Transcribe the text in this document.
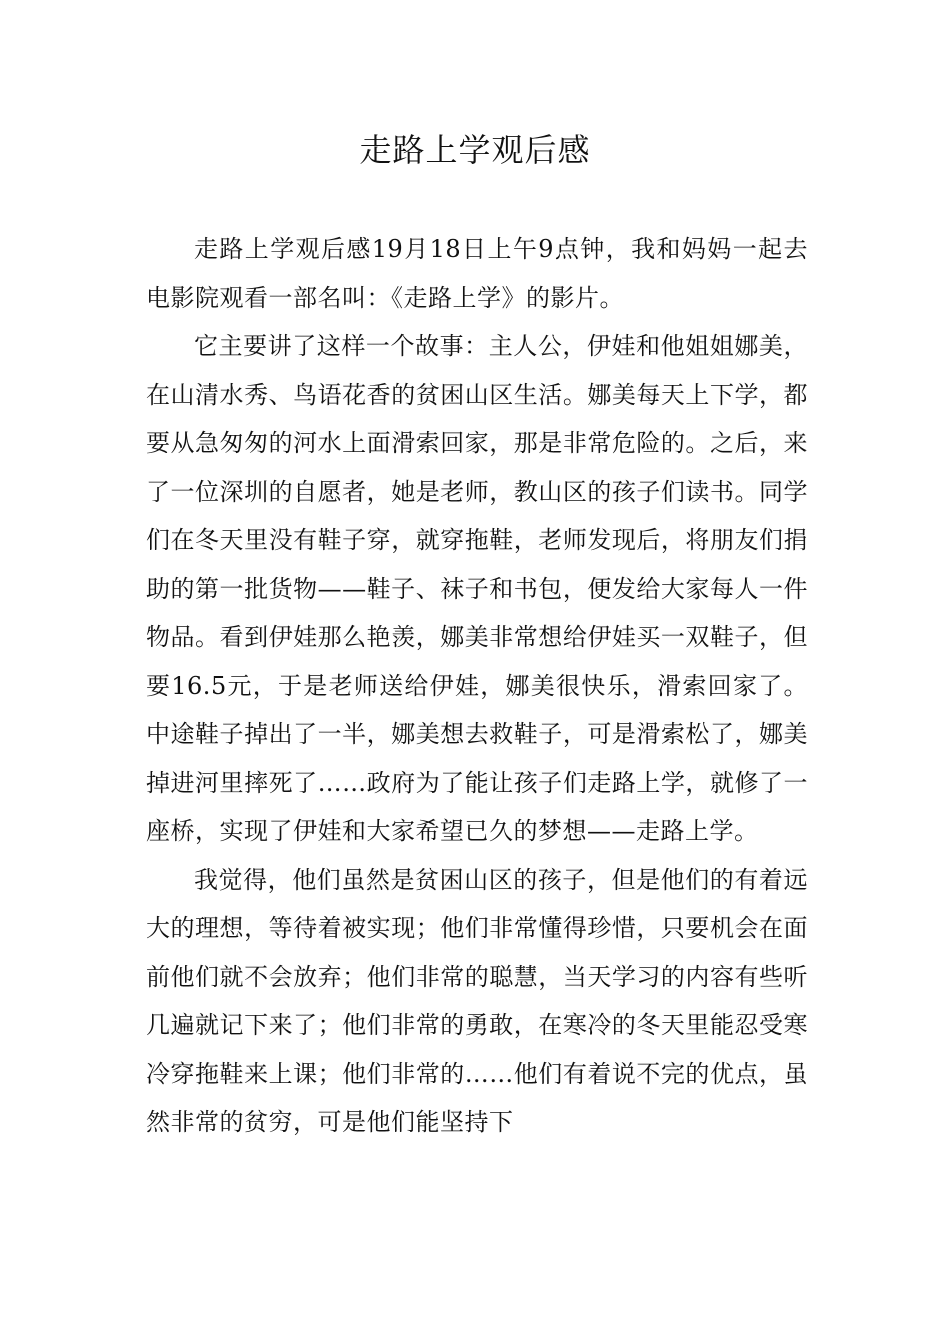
走路上学观后感

走路上学观后感19月18日上午9点钟，我和妈妈一起去电影院观看一部名叫：《走路上学》的影片。

它主要讲了这样一个故事：主人公，伊娃和他姐姐娜美，在山清水秀、鸟语花香的贫困山区生活。娜美每天上下学，都要从急匆匆的河水上面滑索回家，那是非常危险的。之后，来了一位深圳的自愿者，她是老师，教山区的孩子们读书。同学们在冬天里没有鞋子穿，就穿拖鞋，老师发现后，将朋友们捐助的第一批货物——鞋子、袜子和书包，便发给大家每人一件物品。看到伊娃那么艳羡，娜美非常想给伊娃买一双鞋子，但要16.5元，于是老师送给伊娃，娜美很快乐，滑索回家了。中途鞋子掉出了一半，娜美想去救鞋子，可是滑索松了，娜美掉进河里摔死了……政府为了能让孩子们走路上学，就修了一座桥，实现了伊娃和大家希望已久的梦想——走路上学。

我觉得，他们虽然是贫困山区的孩子，但是他们的有着远大的理想，等待着被实现；他们非常懂得珍惜，只要机会在面前他们就不会放弃；他们非常的聪慧，当天学习的内容有些听几遍就记下来了；他们非常的勇敢，在寒冷的冬天里能忍受寒冷穿拖鞋来上课；他们非常的……他们有着说不完的优点，虽然非常的贫穷，可是他们能坚持下
